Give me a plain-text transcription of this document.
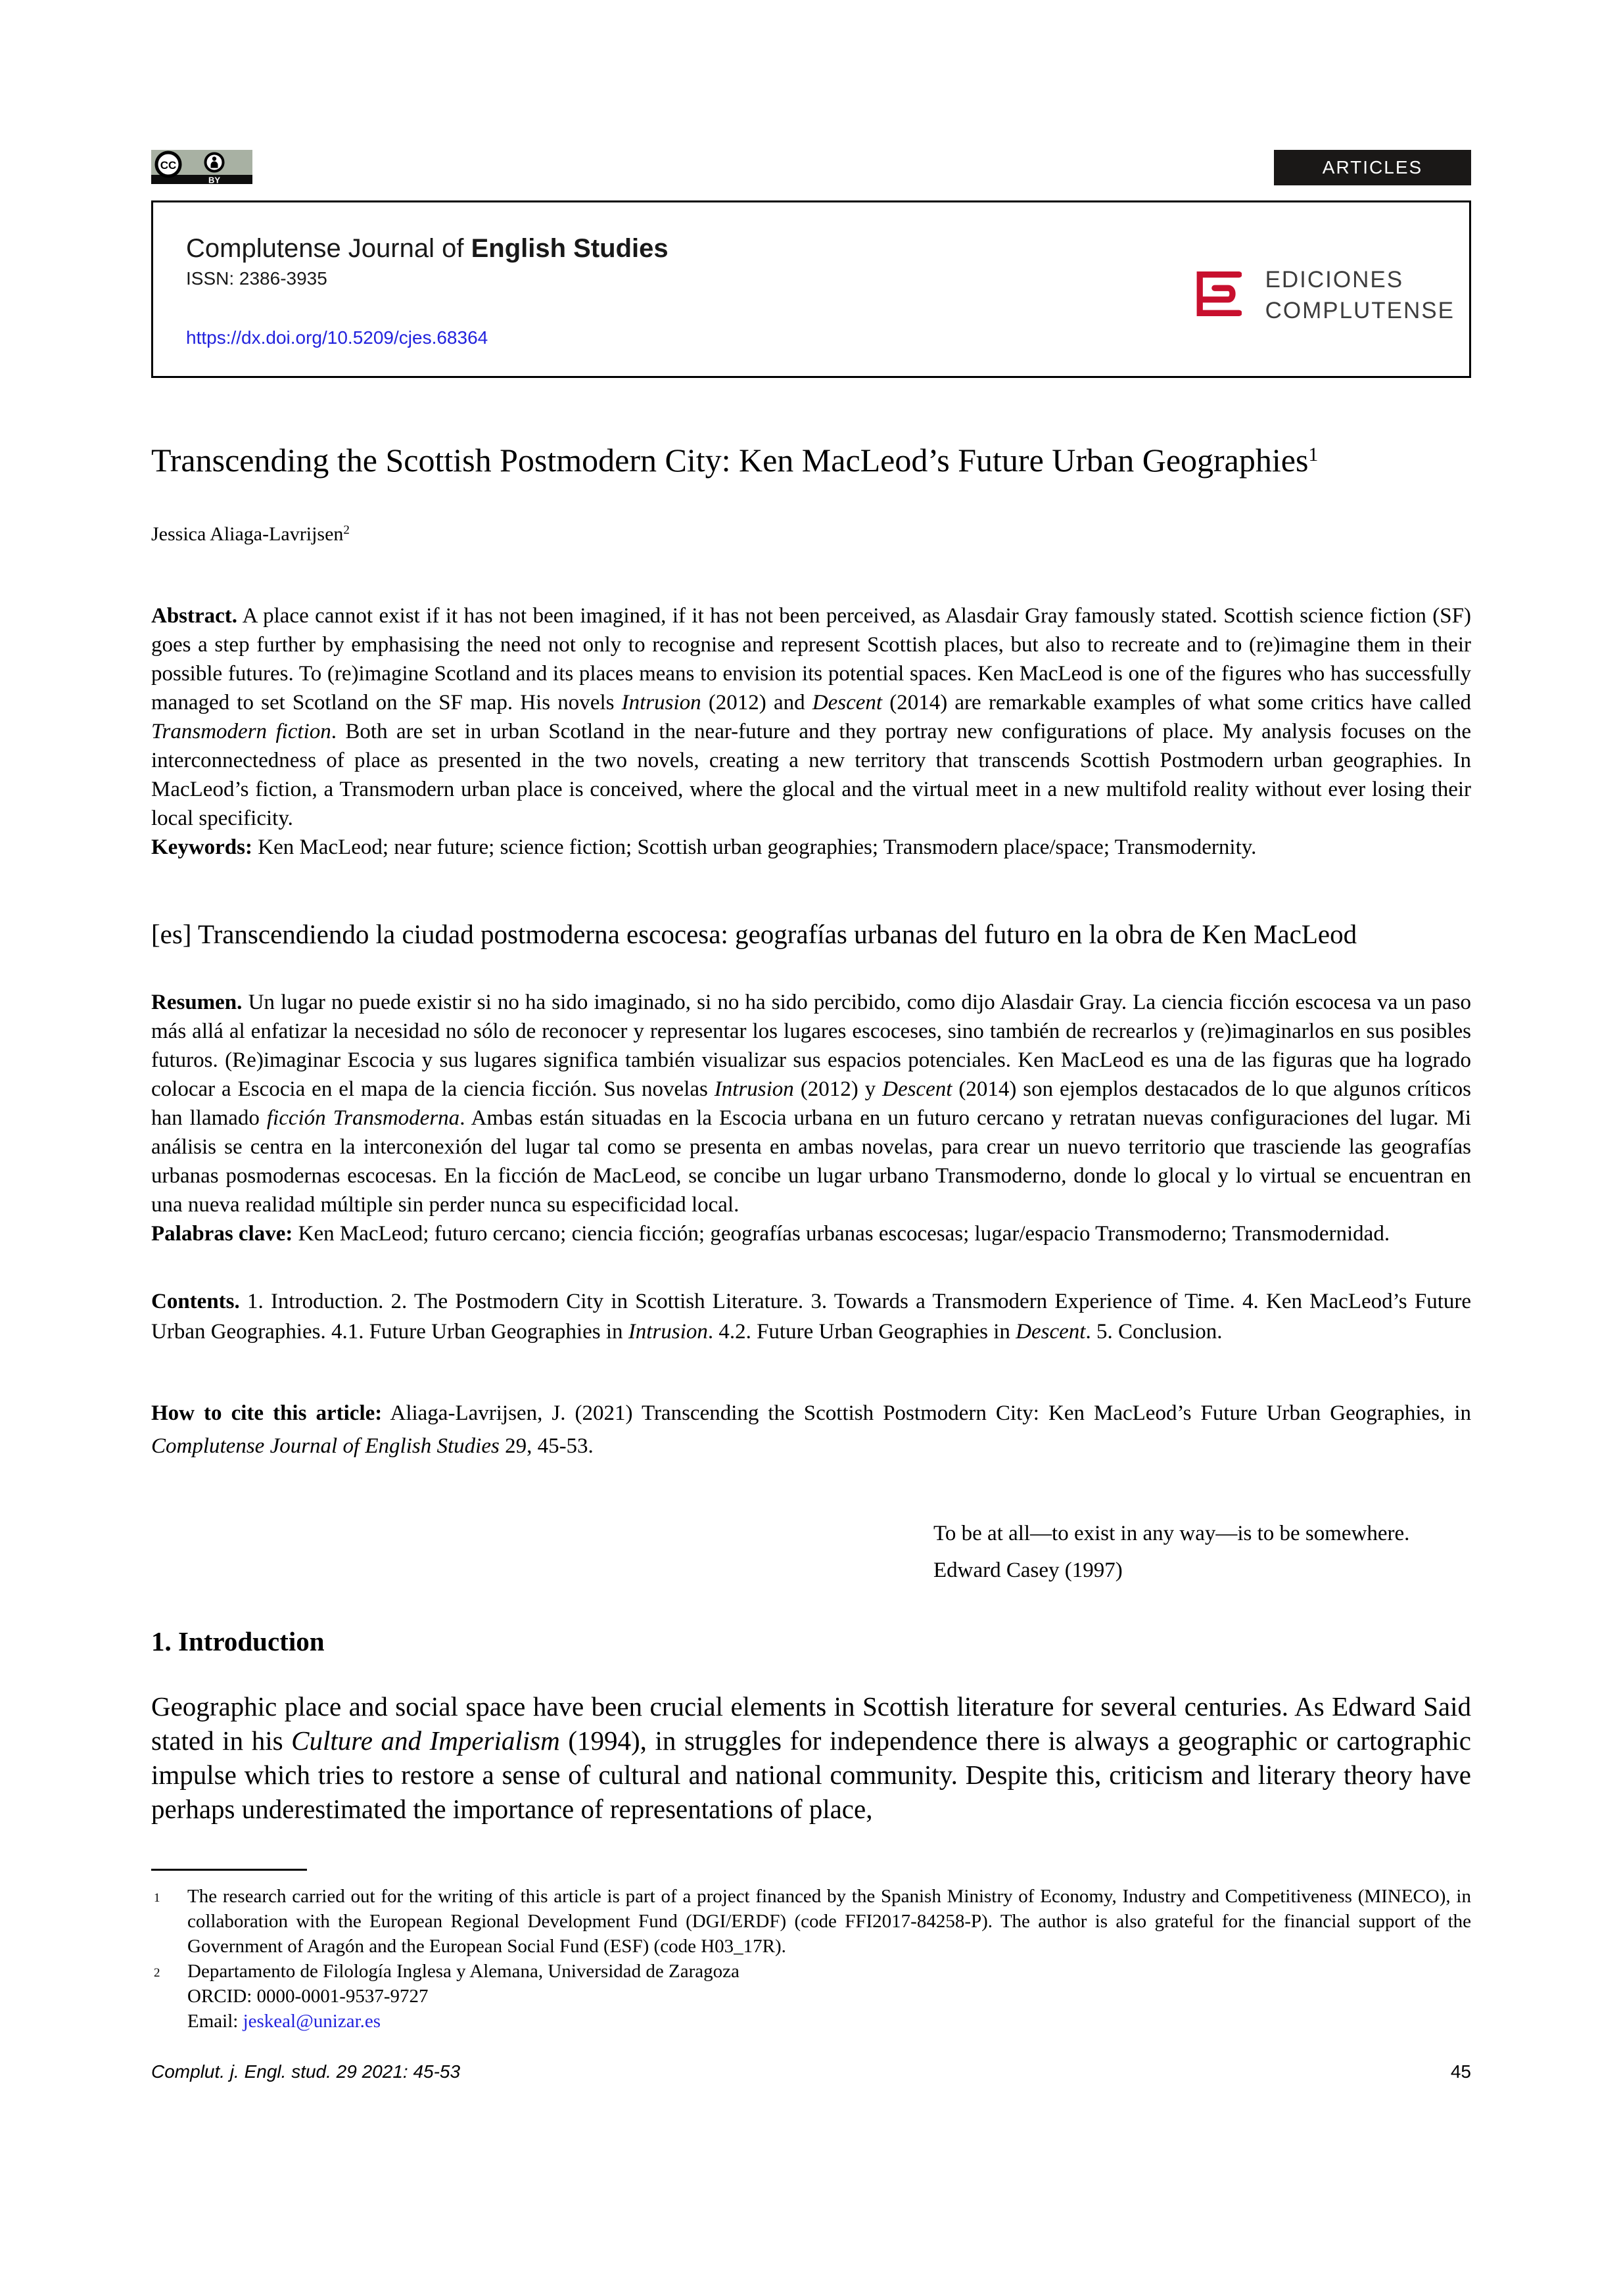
BY
CC	ARTICLES
Complutense Journal of English Studies
ISSN: 2386-3935
https://dx.doi.org/10.5209/cjes.68364
EDICIONES
COMPLUTENSE
Transcending the Scottish Postmodern City: Ken MacLeod’s Future Urban Geographies$^1$
Jessica Aliaga-Lavrijsen$^2$

Abstract. A place cannot exist if it has not been imagined, if it has not been perceived, as Alasdair Gray famously stated. Scottish science fiction (SF) goes a step further by emphasising the need not only to recognise and represent Scottish places, but also to recreate and to (re)imagine them in their possible futures. To (re)imagine Scotland and its places means to envision its potential spaces. Ken MacLeod is one of the figures who has successfully managed to set Scotland on the SF map. His novels Intrusion (2012) and Descent (2014) are remarkable examples of what some critics have called Transmodern fiction. Both are set in urban Scotland in the near-future and they portray new configurations of place. My analysis focuses on the interconnectedness of place as presented in the two novels, creating a new territory that transcends Scottish Postmodern urban geographies. In MacLeod’s fiction, a Transmodern urban place is conceived, where the glocal and the virtual meet in a new multifold reality without ever losing their local specificity.

Keywords: Ken MacLeod; near future; science fiction; Scottish urban geographies; Transmodern place/space; Transmodernity.

[es] Transcendiendo la ciudad postmoderna escocesa: geografías urbanas del futuro en la obra de Ken MacLeod

Resumen. Un lugar no puede existir si no ha sido imaginado, si no ha sido percibido, como dijo Alasdair Gray. La ciencia ficción escocesa va un paso más allá al enfatizar la necesidad no sólo de reconocer y representar los lugares escoceses, sino también de recrearlos y (re)imaginarlos en sus posibles futuros. (Re)imaginar Escocia y sus lugares significa también visualizar sus espacios potenciales. Ken MacLeod es una de las figuras que ha logrado colocar a Escocia en el mapa de la ciencia ficción. Sus novelas Intrusion (2012) y Descent (2014) son ejemplos destacados de lo que algunos críticos han llamado ficción Transmoderna. Ambas están situadas en la Escocia urbana en un futuro cercano y retratan nuevas configuraciones del lugar. Mi análisis se centra en la interconexión del lugar tal como se presenta en ambas novelas, para crear un nuevo territorio que trasciende las geografías urbanas posmodernas escocesas. En la ficción de MacLeod, se concibe un lugar urbano Transmoderno, donde lo glocal y lo virtual se encuentran en una nueva realidad múltiple sin perder nunca su especificidad local.

Palabras clave: Ken MacLeod; futuro cercano; ciencia ficción; geografías urbanas escocesas; lugar/espacio Transmoderno; Transmodernidad.

Contents. 1. Introduction. 2. The Postmodern City in Scottish Literature. 3. Towards a Transmodern Experience of Time. 4. Ken MacLeod’s Future Urban Geographies. 4.1. Future Urban Geographies in Intrusion. 4.2. Future Urban Geographies in Descent. 5. Conclusion.

How to cite this article: Aliaga-Lavrijsen, J. (2021) Transcending the Scottish Postmodern City: Ken MacLeod’s Future Urban Geographies, in Complutense Journal of English Studies 29, 45-53.

To be at all—to exist in any way—is to be somewhere.
Edward Casey (1997)
1. Introduction

Geographic place and social space have been crucial elements in Scottish literature for several centuries. As Edward Said stated in his Culture and Imperialism (1994), in struggles for independence there is always a geographic or cartographic impulse which tries to restore a sense of cultural and national community. Despite this, criticism and literary theory have perhaps underestimated the importance of representations of place,

1	The research carried out for the writing of this article is part of a project financed by the Spanish Ministry of Economy, Industry and Competitiveness (MINECO), in collaboration with the European Regional Development Fund (DGI/ERDF) (code FFI2017-84258-P). The author is also grateful for the financial support of the Government of Aragón and the European Social Fund (ESF) (code H03_17R).
2	Departamento de Filología Inglesa y Alemana, Universidad de Zaragoza
ORCID: 0000-0001-9537-9727
Email: jeskeal@unizar.es
Complut. j. Engl. stud. 29 2021: 45-53	45
